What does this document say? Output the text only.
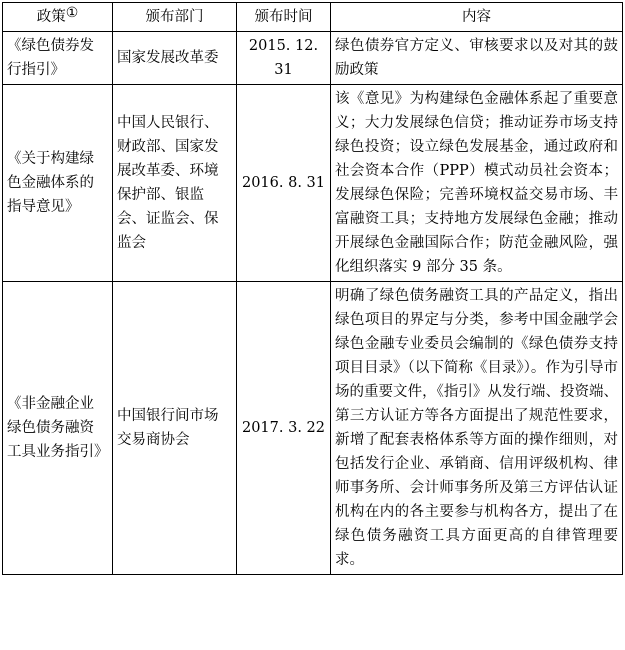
政策①	颁布部门	颁布时间	内容
《绿色债券发行指引》	国家发展改革委	2015. 12. 31	绿色债券官方定义、审核要求以及对其的鼓励政策
《关于构建绿色金融体系的指导意见》	中国人民银行、财政部、国家发展改革委、环境保护部、银监会、证监会、保监会	2016. 8. 31	该《意见》为构建绿色金融体系起了重要意义；大力发展绿色信贷；推动证券市场支持绿色投资；设立绿色发展基金，通过政府和社会资本合作（PPP）模式动员社会资本；发展绿色保险；完善环境权益交易市场、丰富融资工具；支持地方发展绿色金融；推动开展绿色金融国际合作；防范金融风险，强化组织落实 9 部分 35 条。
《非金融企业绿色债务融资工具业务指引》	中国银行间市场交易商协会	2017. 3. 22	明确了绿色债务融资工具的产品定义，指出绿色项目的界定与分类，参考中国金融学会绿色金融专业委员会编制的《绿色债券支持项目目录》（以下简称《目录》）。作为引导市场的重要文件，《指引》从发行端、投资端、第三方认证方等各方面提出了规范性要求，新增了配套表格体系等方面的操作细则，对包括发行企业、承销商、信用评级机构、律师事务所、会计师事务所及第三方评估认证机构在内的各主要参与机构各方，提出了在绿色债务融资工具方面更高的自律管理要求。
